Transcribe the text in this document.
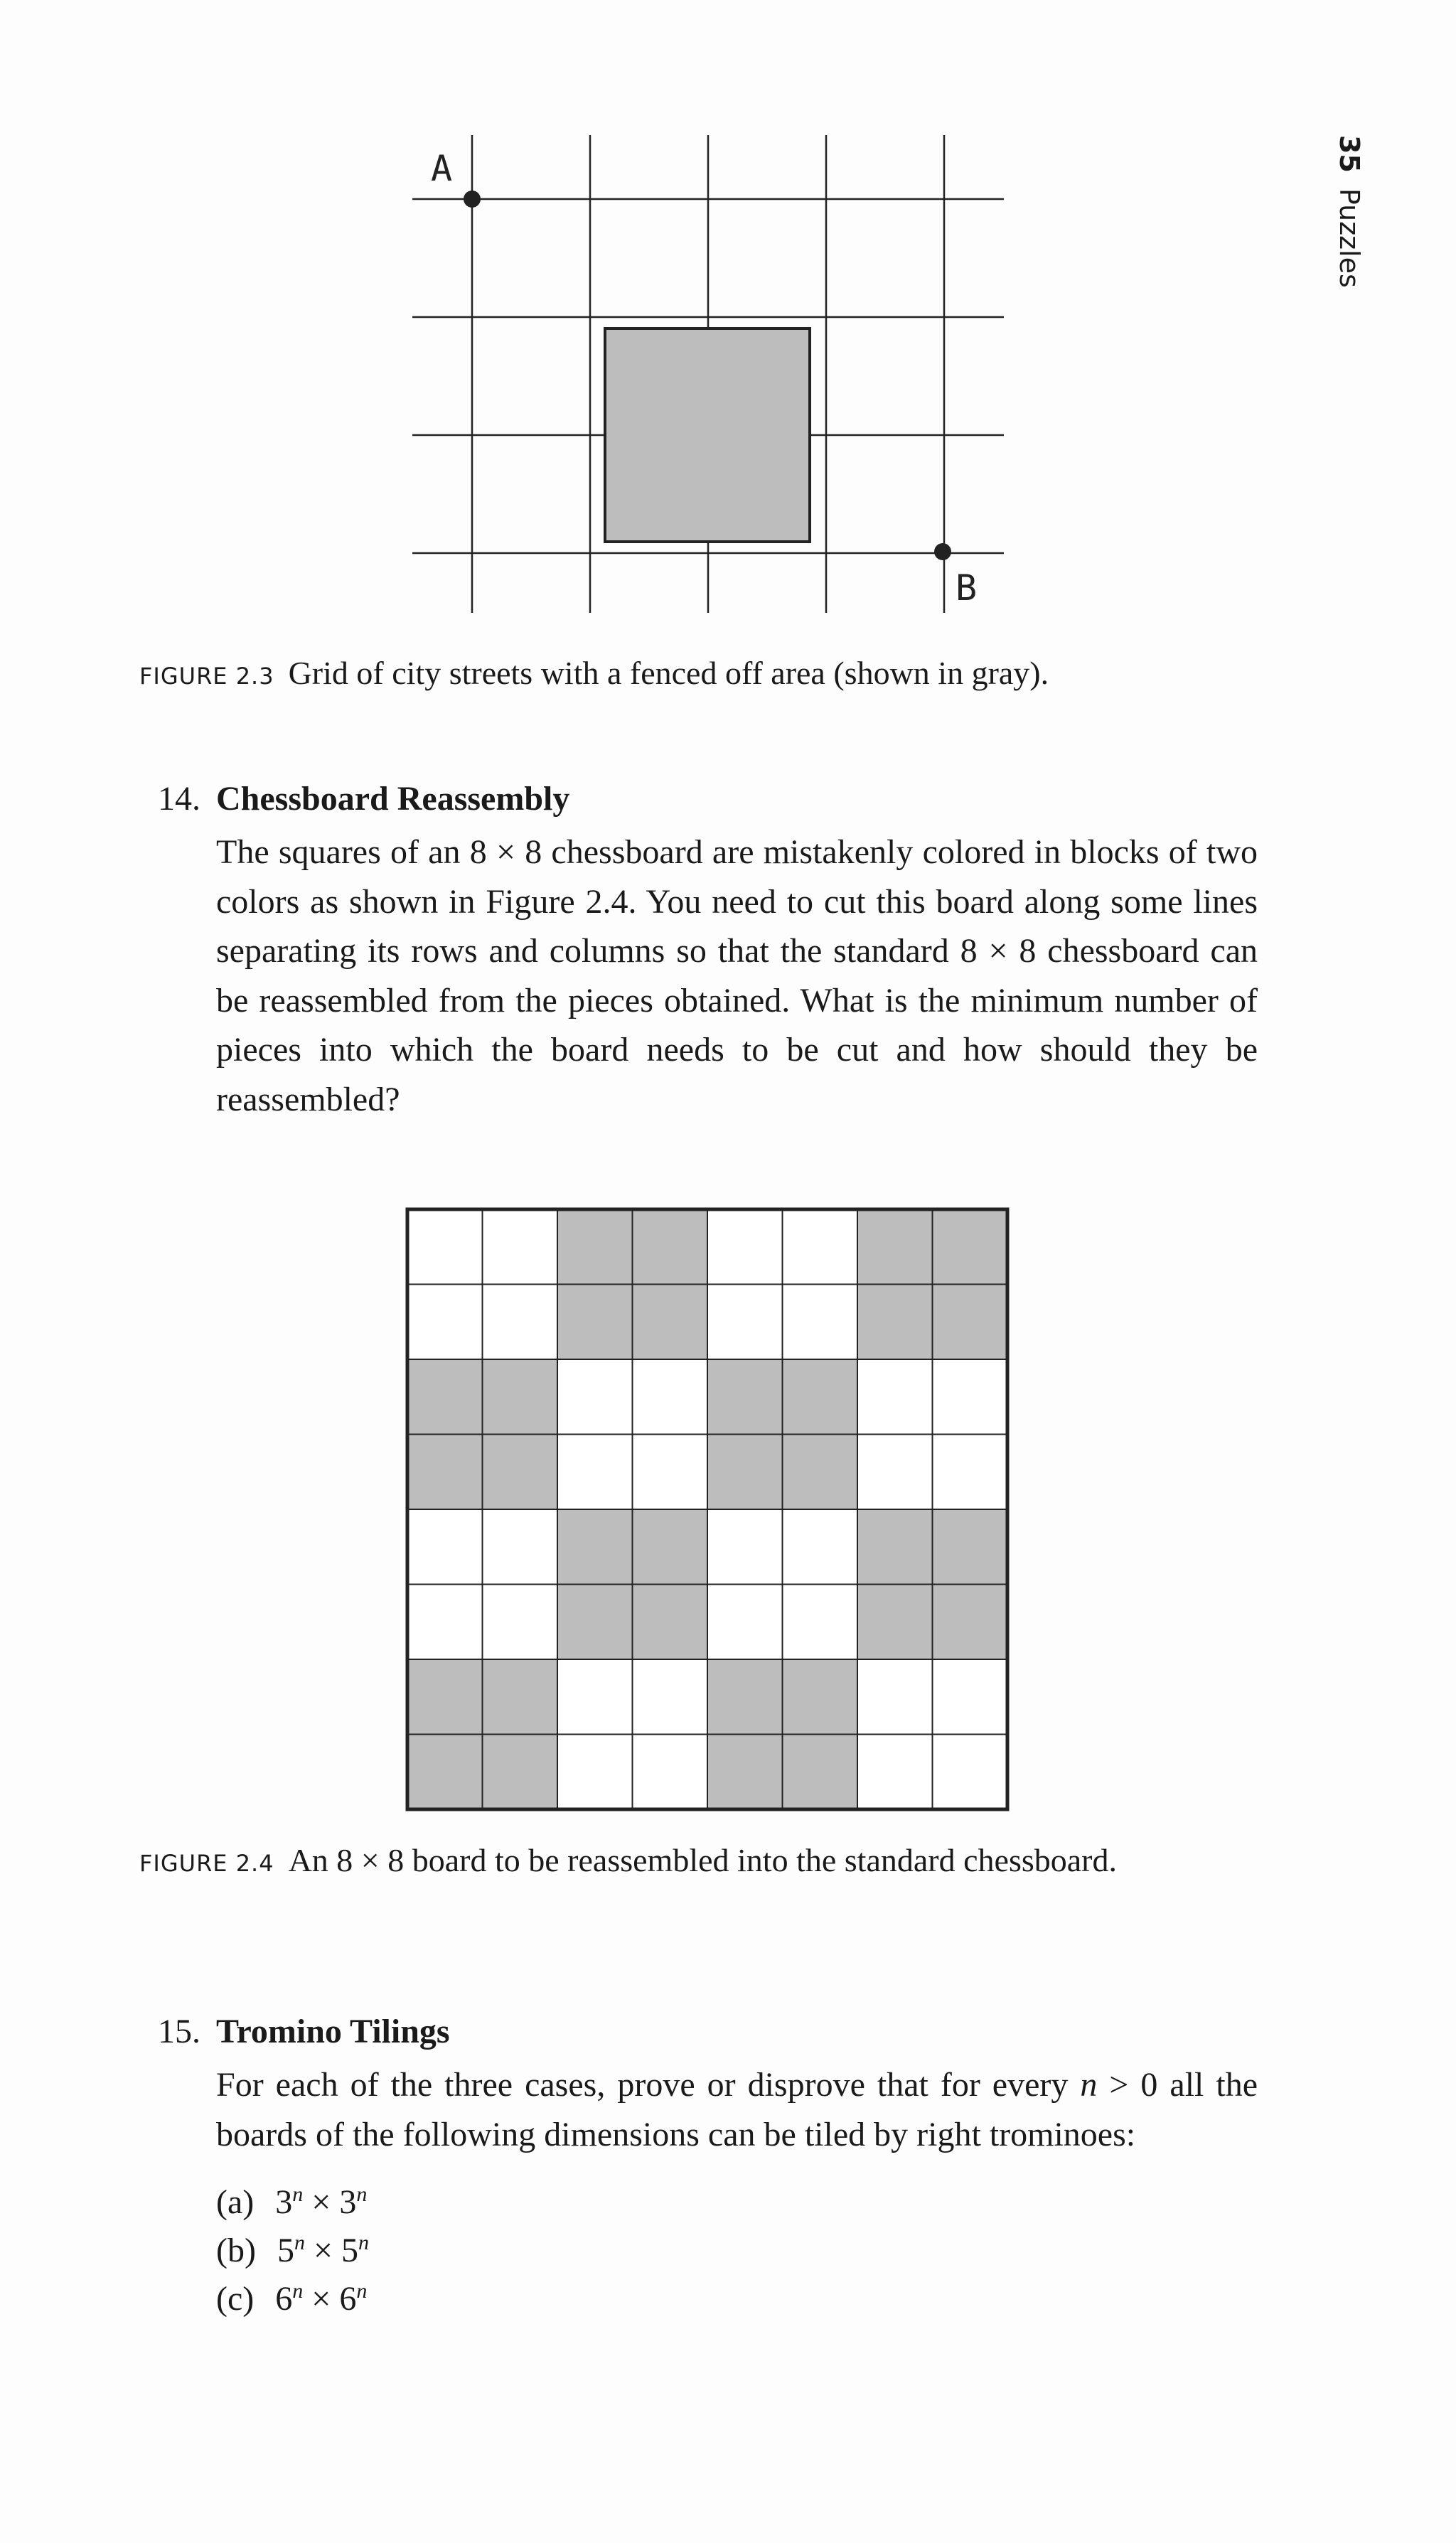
35Puzzles
A
B
FIGURE 2.3 Grid of city streets with a fenced off area (shown in gray).
14. Chessboard Reassembly
The squares of an 8 × 8 chessboard are mistakenly colored in blocks of two colors as shown in Figure 2.4. You need to cut this board along some lines separating its rows and columns so that the standard 8 × 8 chessboard can be reassembled from the pieces obtained. What is the minimum number of pieces into which the board needs to be cut and how should they be reassembled?
FIGURE 2.4 An 8 × 8 board to be reassembled into the standard chessboard.
15. Tromino Tilings
For each of the three cases, prove or disprove that for every n > 0 all the boards of the following dimensions can be tiled by right trominoes:
(a) $3^n \times 3^n$
(b) $5^n \times 5^n$
(c) $6^n \times 6^n$
